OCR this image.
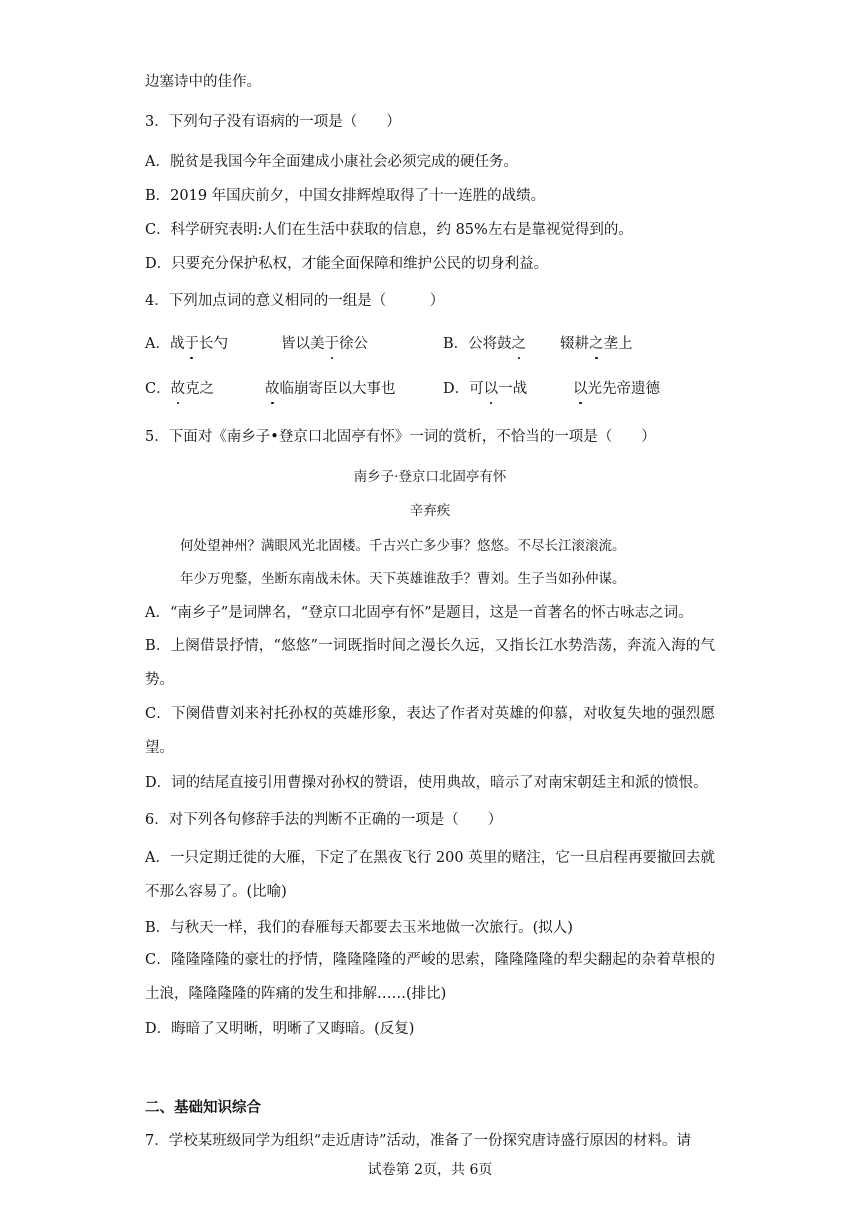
边塞诗中的佳作。
3．下列句子没有语病的一项是（　　）
A．脱贫是我国今年全面建成小康社会必须完成的硬任务。
B．2019 年国庆前夕，中国女排辉煌取得了十一连胜的战绩。
C．科学研究表明:人们在生活中获取的信息，约 85%左右是靠视觉得到的。
D．只要充分保护私权，才能全面保障和维护公民的切身利益。
4．下列加点词的意义相同的一组是（　　　）
A．战于长勺	皆以美于徐公	B．公将鼓之 辍耕之垄上
C．故克之	故临崩寄臣以大事也	D．可以一战	以光先帝遗德
5．下面对《南乡子•登京口北固亭有怀》一词的赏析，不恰当的一项是（　　）
南乡子·登京口北固亭有怀
辛弃疾
何处望神州？满眼风光北固楼。千古兴亡多少事？悠悠。不尽长江滚滚流。
年少万兜鍪，坐断东南战未休。天下英雄谁敌手？曹刘。生子当如孙仲谋。
A．“南乡子”是词牌名，“登京口北固亭有怀”是题目，这是一首著名的怀古咏志之词。
B．上阕借景抒情，“悠悠”一词既指时间之漫长久远，又指长江水势浩荡，奔流入海的气势。
C．下阕借曹刘来衬托孙权的英雄形象，表达了作者对英雄的仰慕，对收复失地的强烈愿望。
D．词的结尾直接引用曹操对孙权的赞语，使用典故，暗示了对南宋朝廷主和派的愤恨。
6．对下列各句修辞手法的判断不正确的一项是（　　）
A．一只定期迁徙的大雁，下定了在黑夜飞行 200 英里的赌注，它一旦启程再要撤回去就不那么容易了。(比喻)
B．与秋天一样，我们的春雁每天都要去玉米地做一次旅行。(拟人)
C．隆隆隆隆的豪壮的抒情，隆隆隆隆的严峻的思索，隆隆隆隆的犁尖翻起的杂着草根的土浪，隆隆隆隆的阵痛的发生和排解……(排比)
D．晦暗了又明晰，明晰了又晦暗。(反复)
二、基础知识综合
7．学校某班级同学为组织“走近唐诗”活动，准备了一份探究唐诗盛行原因的材料。请
试卷第 2页，共 6页
